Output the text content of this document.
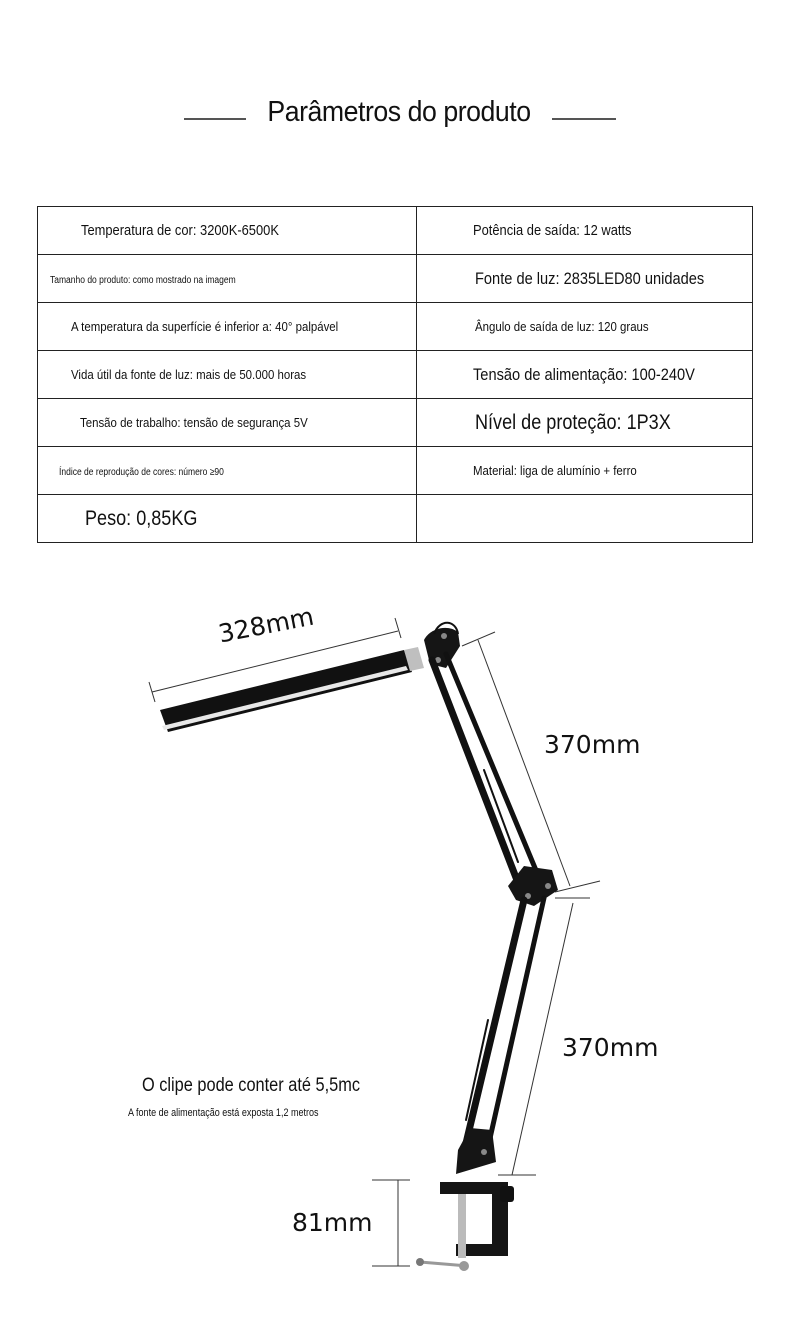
Parâmetros do produto
Temperatura de cor: 3200K-6500K	Potência de saída: 12 watts
Tamanho do produto: como mostrado na imagem	Fonte de luz: 2835LED80 unidades
A temperatura da superfície é inferior a: 40° palpável	Ângulo de saída de luz: 120 graus
Vida útil da fonte de luz: mais de 50.000 horas	Tensão de alimentação: 100-240V
Tensão de trabalho: tensão de segurança 5V	Nível de proteção: 1P3X
Índice de reprodução de cores: número ≥90	Material: liga de alumínio + ferro
Peso: 0,85KG	
328mm
370mm
370mm
81mm
O clipe pode conter até 5,5mc
A fonte de alimentação está exposta 1,2 metros
